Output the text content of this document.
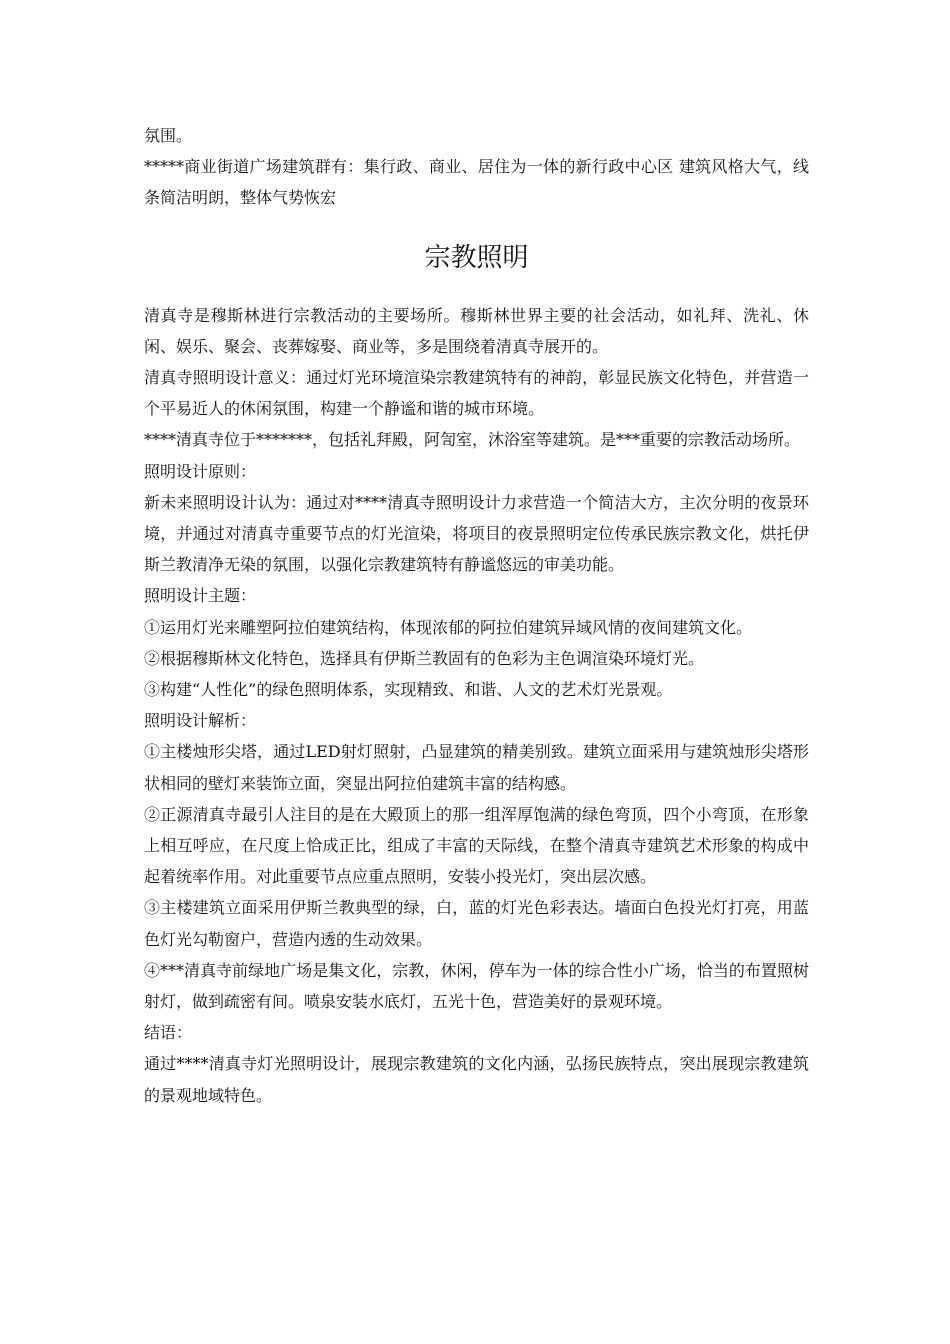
氛围。

*****商业街道广场建筑群有：集行政、商业、居住为一体的新行政中心区 建筑风格大气，线条简洁明朗，整体气势恢宏

宗教照明

清真寺是穆斯林进行宗教活动的主要场所。穆斯林世界主要的社会活动，如礼拜、洗礼、休闲、娱乐、聚会、丧葬嫁娶、商业等，多是围绕着清真寺展开的。

清真寺照明设计意义：通过灯光环境渲染宗教建筑特有的神韵，彰显民族文化特色，并营造一个平易近人的休闲氛围，构建一个静谧和谐的城市环境。

****清真寺位于*******，包括礼拜殿，阿訇室，沐浴室等建筑。是***重要的宗教活动场所。

照明设计原则：

新未来照明设计认为：通过对****清真寺照明设计力求营造一个简洁大方，主次分明的夜景环境，并通过对清真寺重要节点的灯光渲染，将项目的夜景照明定位传承民族宗教文化，烘托伊斯兰教清净无染的氛围，以强化宗教建筑特有静谧悠远的审美功能。

照明设计主题：

①运用灯光来雕塑阿拉伯建筑结构，体现浓郁的阿拉伯建筑异域风情的夜间建筑文化。

②根据穆斯林文化特色，选择具有伊斯兰教固有的色彩为主色调渲染环境灯光。

③构建“人性化”的绿色照明体系，实现精致、和谐、人文的艺术灯光景观。

照明设计解析：

①主楼烛形尖塔，通过LED射灯照射，凸显建筑的精美别致。建筑立面采用与建筑烛形尖塔形状相同的壁灯来装饰立面，突显出阿拉伯建筑丰富的结构感。

②正源清真寺最引人注目的是在大殿顶上的那一组浑厚饱满的绿色弯顶，四个小弯顶，在形象上相互呼应，在尺度上恰成正比，组成了丰富的天际线，在整个清真寺建筑艺术形象的构成中起着统率作用。对此重要节点应重点照明，安装小投光灯，突出层次感。

③主楼建筑立面采用伊斯兰教典型的绿，白，蓝的灯光色彩表达。墙面白色投光灯打亮，用蓝色灯光勾勒窗户，营造内透的生动效果。

④***清真寺前绿地广场是集文化，宗教，休闲，停车为一体的综合性小广场，恰当的布置照树射灯，做到疏密有间。喷泉安装水底灯，五光十色，营造美好的景观环境。

结语：

通过****清真寺灯光照明设计，展现宗教建筑的文化内涵，弘扬民族特点，突出展现宗教建筑的景观地域特色。
